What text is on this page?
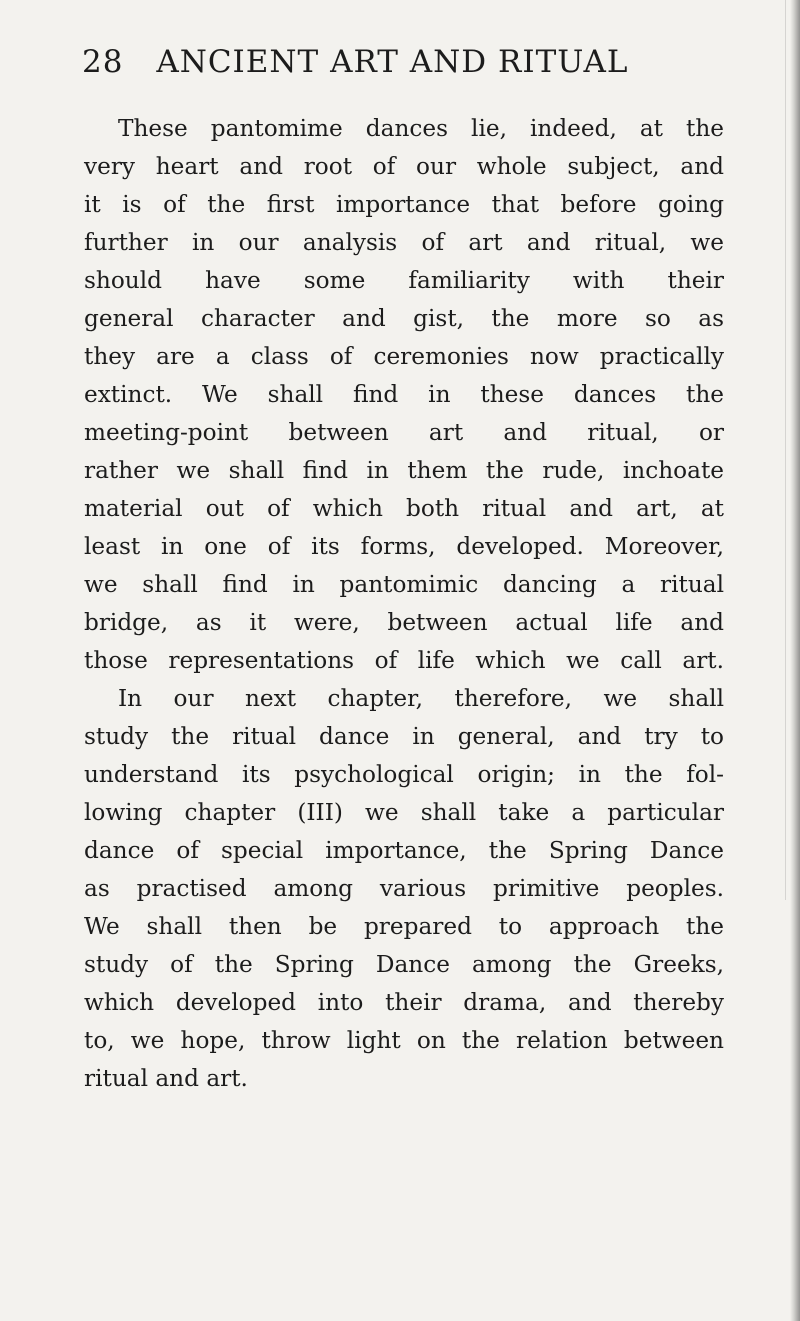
28 ANCIENT ART AND RITUAL
These pantomime dances lie, indeed, at the
very heart and root of our whole subject, and
it is of the first importance that before going
further in our analysis of art and ritual, we
should have some familiarity with their
general character and gist, the more so as
they are a class of ceremonies now practically
extinct. We shall find in these dances the
meeting-point between art and ritual, or
rather we shall find in them the rude, inchoate
material out of which both ritual and art, at
least in one of its forms, developed. Moreover,
we shall find in pantomimic dancing a ritual
bridge, as it were, between actual life and
those representations of life which we call art.
In our next chapter, therefore, we shall
study the ritual dance in general, and try to
understand its psychological origin; in the fol-
lowing chapter (III) we shall take a particular
dance of special importance, the Spring Dance
as practised among various primitive peoples.
We shall then be prepared to approach the
study of the Spring Dance among the Greeks,
which developed into their drama, and thereby
to, we hope, throw light on the relation between
ritual and art.
